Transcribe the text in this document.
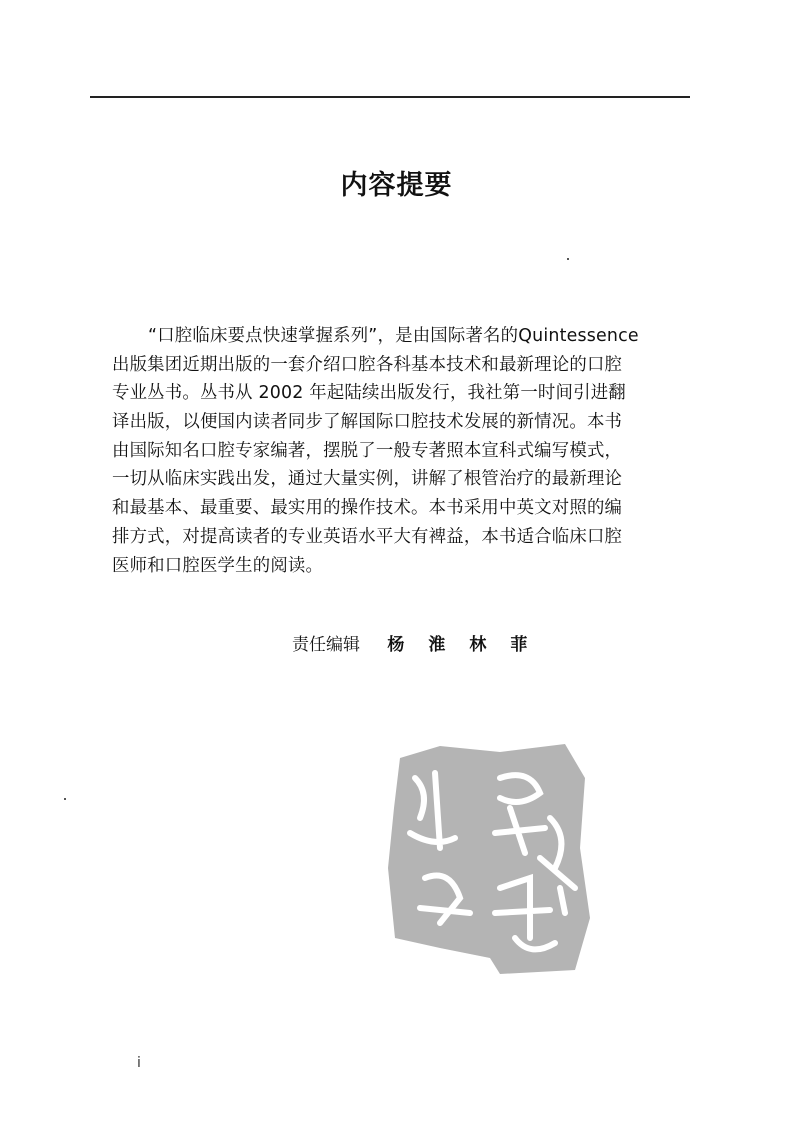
内容提要
“口腔临床要点快速掌握系列”，是由国际著名的Quintessence
出版集团近期出版的一套介绍口腔各科基本技术和最新理论的口腔
专业丛书。丛书从 2002 年起陆续出版发行，我社第一时间引进翻
译出版，以便国内读者同步了解国际口腔技术发展的新情况。本书
由国际知名口腔专家编著，摆脱了一般专著照本宣科式编写模式，
一切从临床实践出发，通过大量实例，讲解了根管治疗的最新理论
和最基本、最重要、最实用的操作技术。本书采用中英文对照的编
排方式，对提高读者的专业英语水平大有裨益，本书适合临床口腔
医师和口腔医学生的阅读。
责任编辑 杨 淮 林 菲
i
